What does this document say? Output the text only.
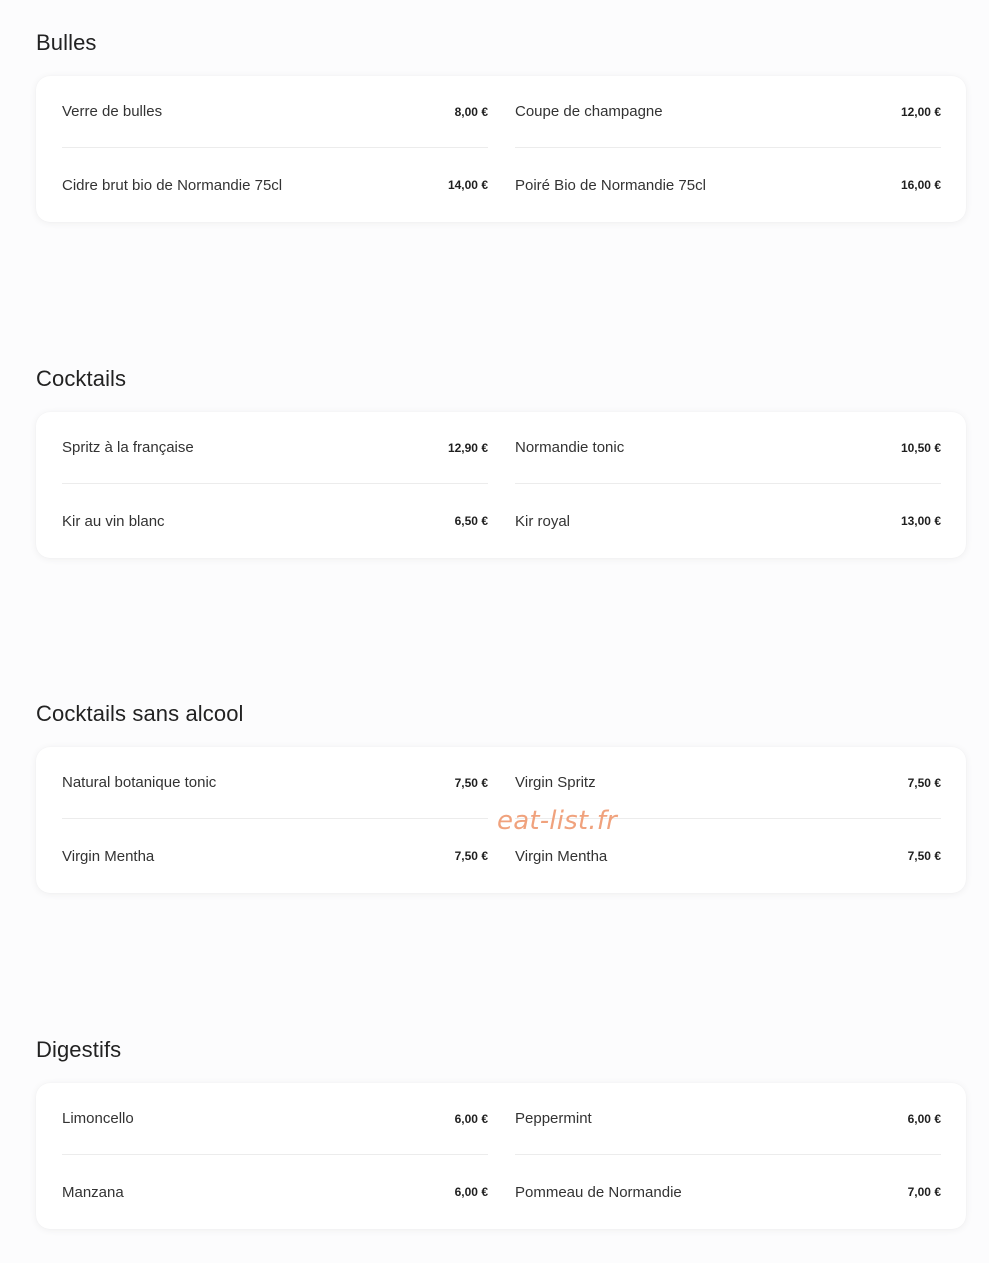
Bulles
Verre de bulles	8,00 € Coupe de champagne	12,00 €
Cidre brut bio de Normandie 75cl	14,00 € Poiré Bio de Normandie 75cl	16,00 €
Cocktails
Spritz à la française	12,90 € Normandie tonic	10,50 €
Kir au vin blanc	6,50 € Kir royal	13,00 €
Cocktails sans alcool
Natural botanique tonic	7,50 € Virgin Spritz	7,50 €
Virgin Mentha	7,50 € Virgin Mentha	7,50 €
Digestifs
Limoncello	6,00 € Peppermint	6,00 €
Manzana	6,00 € Pommeau de Normandie	7,00 €
eat-list.fr
